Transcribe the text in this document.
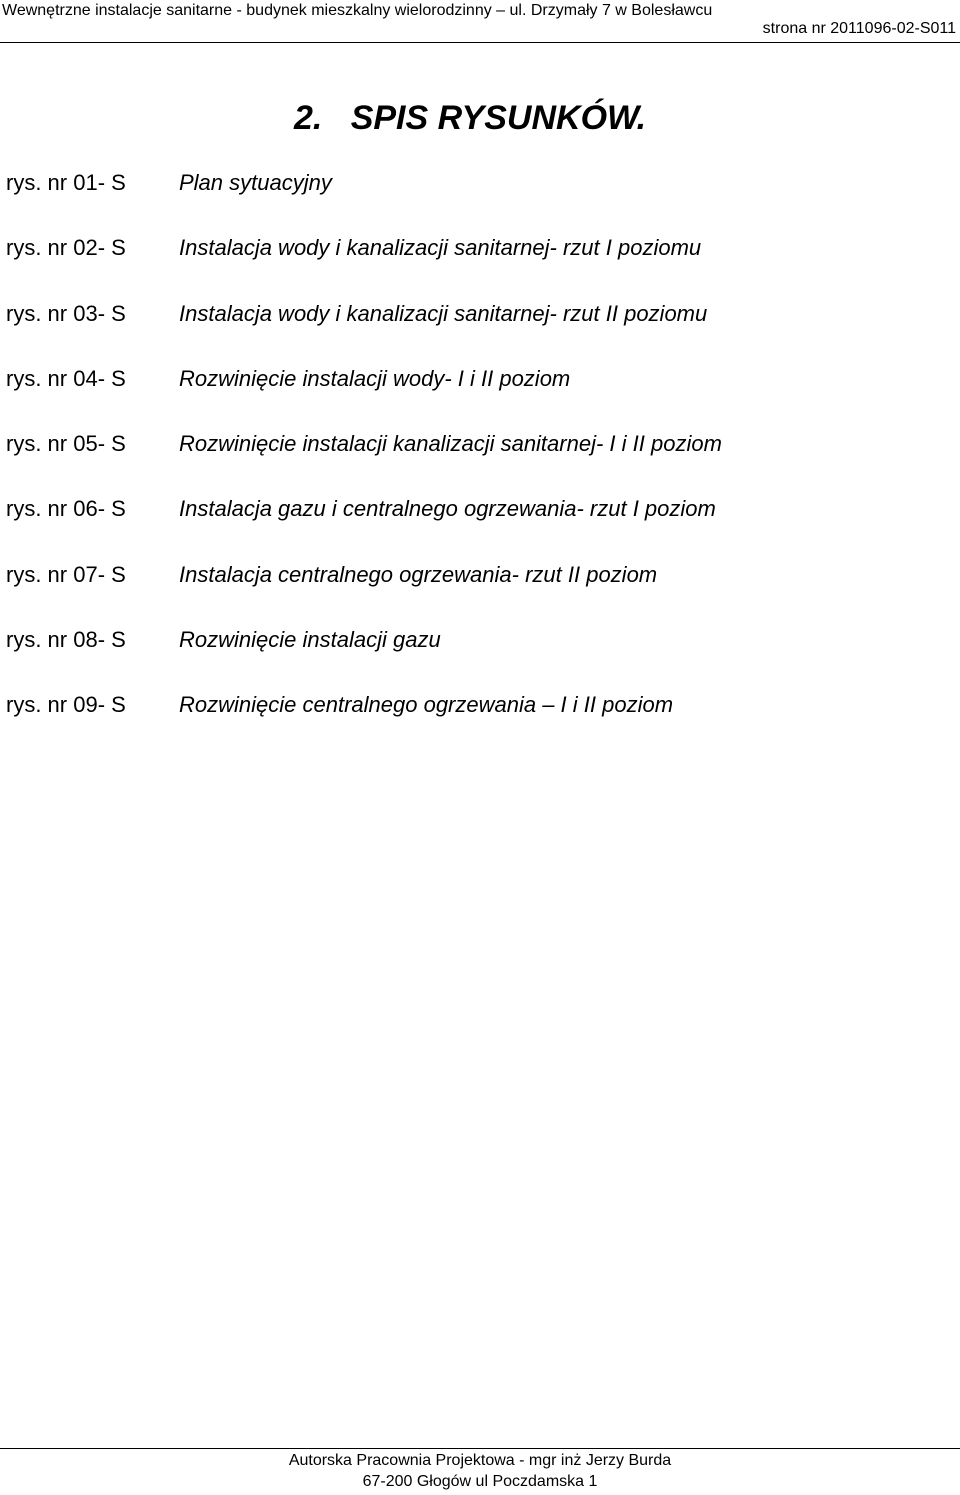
Wewnętrzne instalacje sanitarne - budynek mieszkalny wielorodzinny – ul. Drzymały 7 w Bolesławcu
strona nr 2011096-02-S011
2.   SPIS RYSUNKÓW.
rys. nr 01- S Plan sytuacyjny
rys. nr 02- S Instalacja wody i kanalizacji sanitarnej- rzut I poziomu
rys. nr 03- S Instalacja wody i kanalizacji sanitarnej- rzut II poziomu
rys. nr 04- S Rozwinięcie instalacji wody- I i II poziom
rys. nr 05- S Rozwinięcie instalacji kanalizacji sanitarnej- I i II poziom
rys. nr 06- S Instalacja gazu i centralnego ogrzewania- rzut I poziom
rys. nr 07- S Instalacja centralnego ogrzewania- rzut II poziom
rys. nr 08- S Rozwinięcie instalacji gazu
rys. nr 09- S Rozwinięcie centralnego ogrzewania – I i II poziom
Autorska Pracownia Projektowa - mgr inż Jerzy Burda
67-200 Głogów ul Poczdamska 1
